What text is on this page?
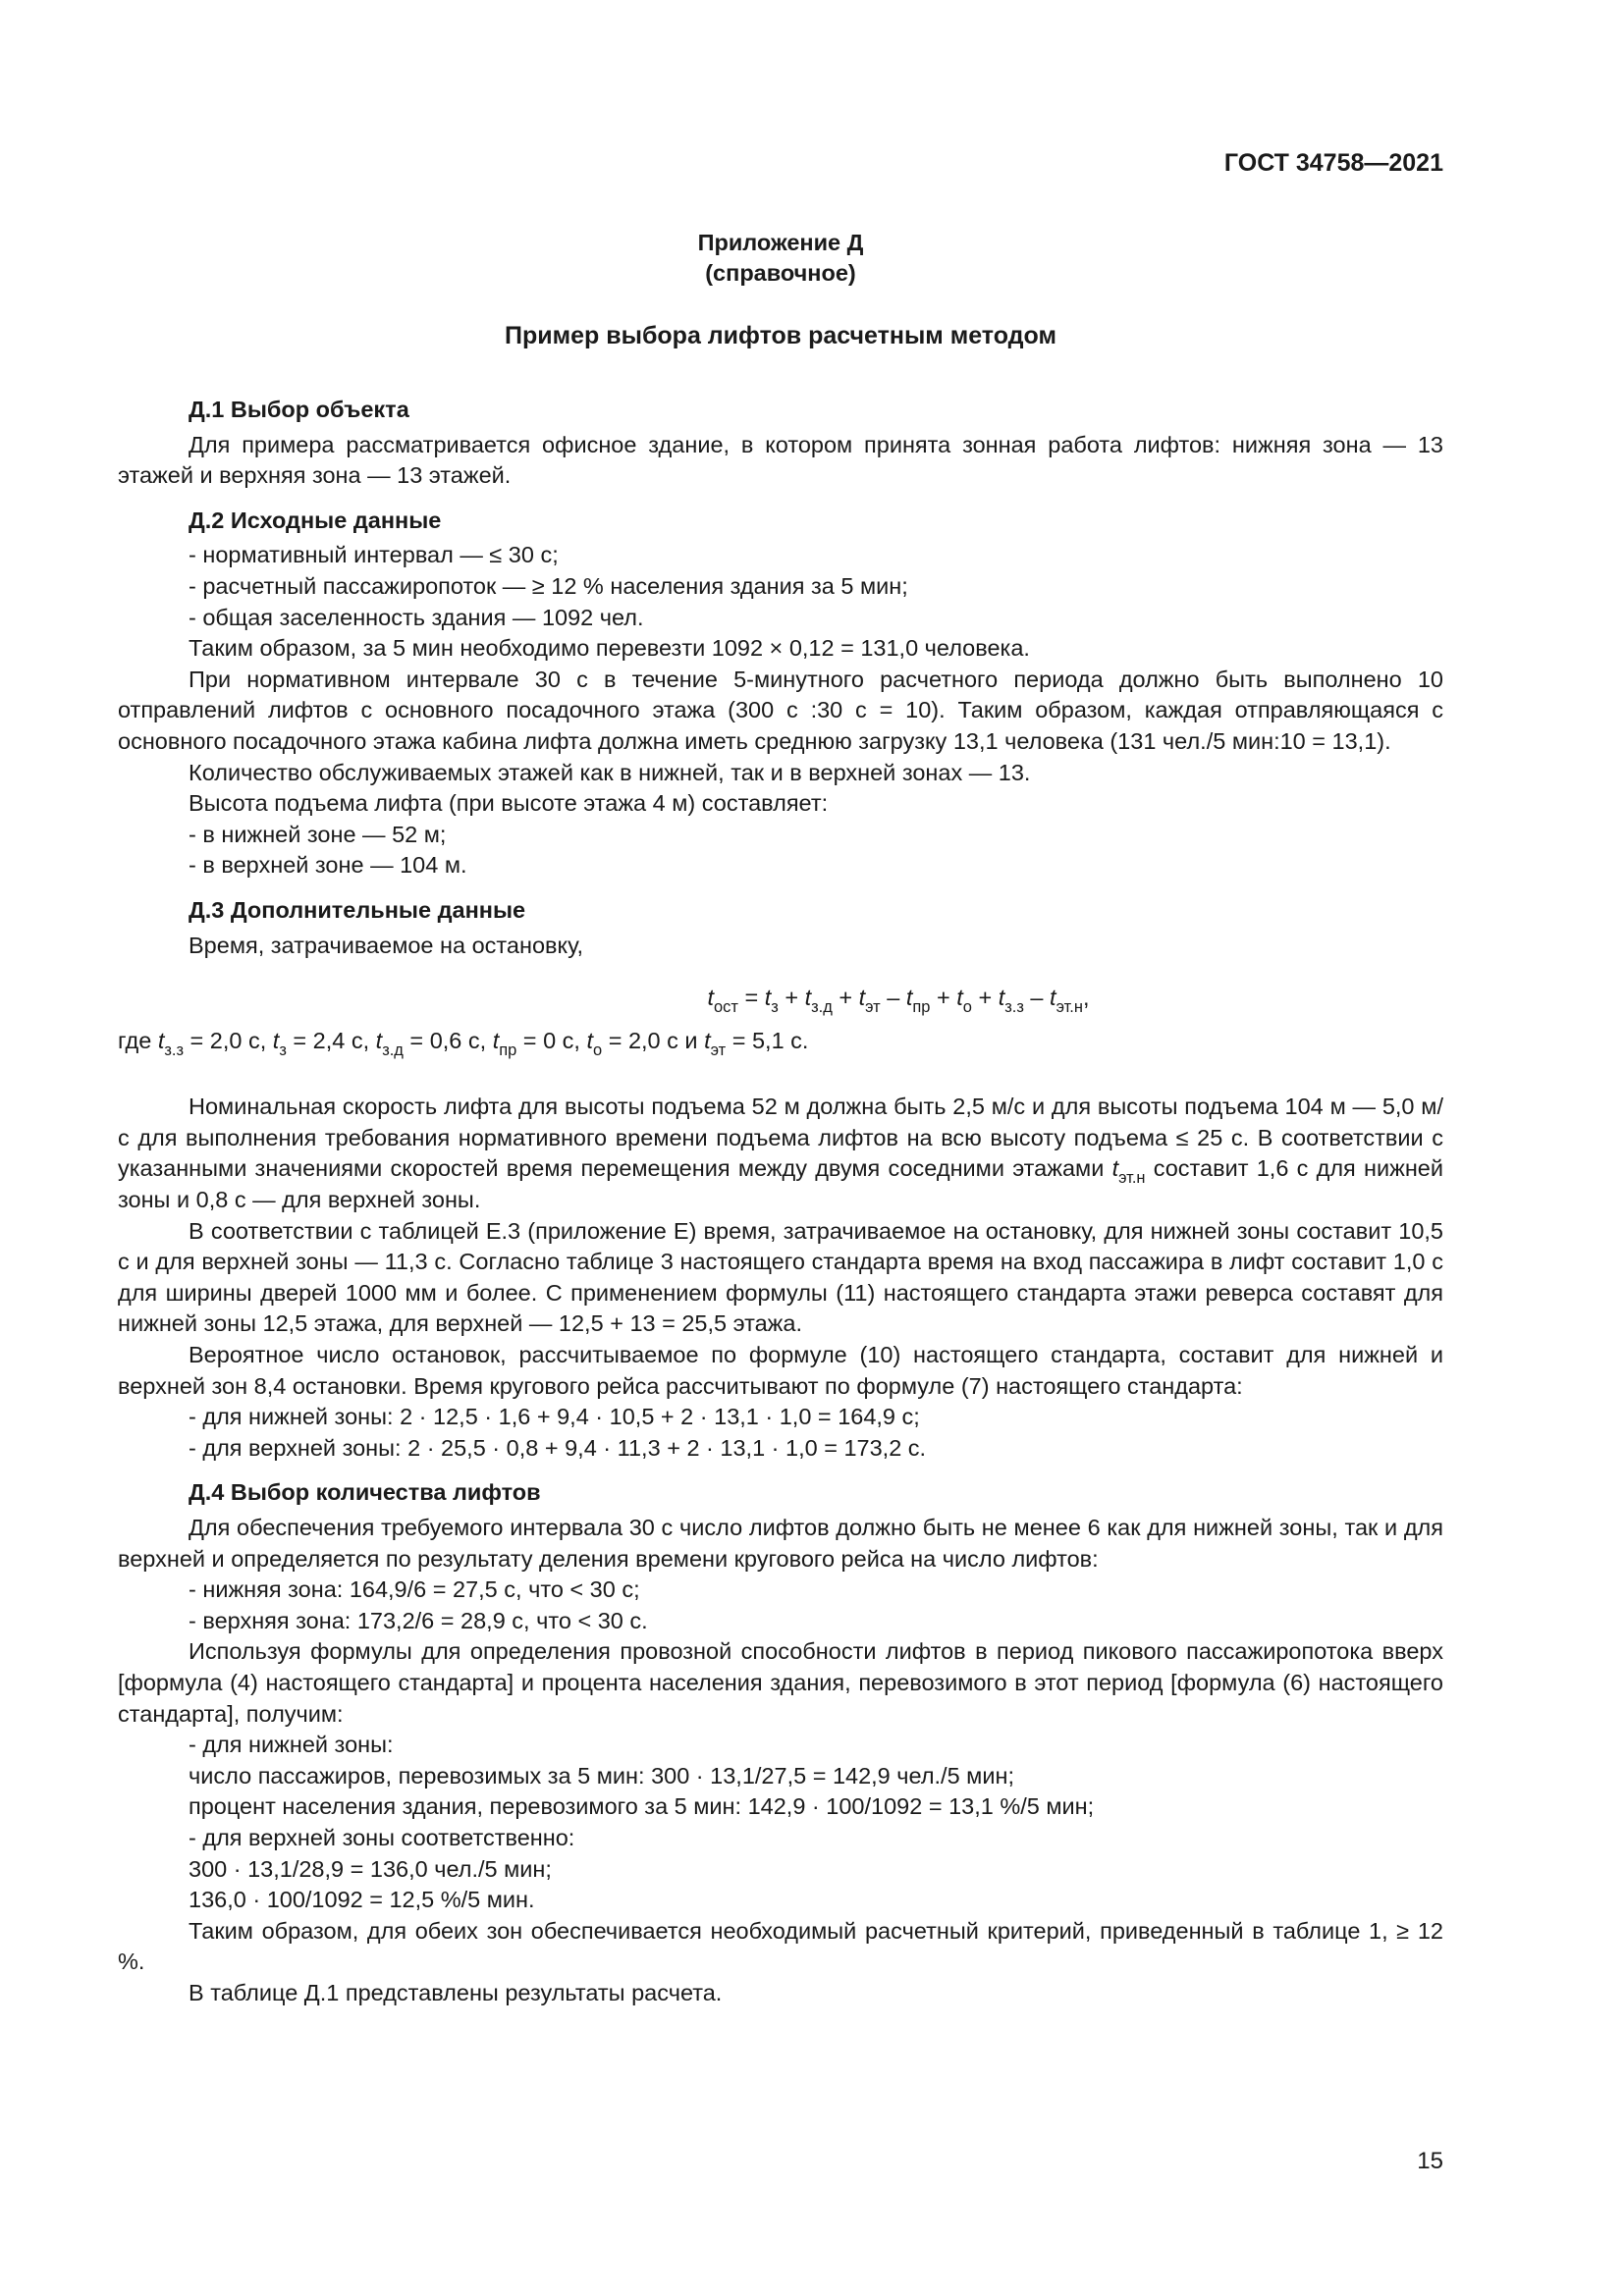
ГОСТ 34758—2021
Приложение Д
(справочное)
Пример выбора лифтов расчетным методом

Д.1 Выбор объекта

Для примера рассматривается офисное здание, в котором принята зонная работа лифтов: нижняя зона — 13 этажей и верхняя зона — 13 этажей.

Д.2 Исходные данные

- нормативный интервал — ≤ 30 с;

- расчетный пассажиропоток — ≥ 12 % населения здания за 5 мин;

- общая заселенность здания — 1092 чел.

Таким образом, за 5 мин необходимо перевезти 1092 × 0,12 = 131,0 человека.

При нормативном интервале 30 с в течение 5-минутного расчетного периода должно быть выполнено 10 отправлений лифтов с основного посадочного этажа (300 с :30 с = 10). Таким образом, каждая отправляющаяся с основного посадочного этажа кабина лифта должна иметь среднюю загрузку 13,1 человека (131 чел./5 мин:10 = 13,1).

Количество обслуживаемых этажей как в нижней, так и в верхней зонах — 13.

Высота подъема лифта (при высоте этажа 4 м) составляет:

- в нижней зоне — 52 м;

- в верхней зоне — 104 м.

Д.3 Дополнительные данные

Время, затрачиваемое на остановку,

$t_{ост} = t_з + t_{з.д} + t_{эт} - t_{пр} + t_о + t_{з.з} - t_{эт.н}$,

где $t_{з.з} = 2,0$ с, $t_з = 2,4$ с, $t_{з.д} = 0,6$ с, $t_{пр} = 0$ с, $t_о = 2,0$ с и $t_{эт} = 5,1$ с.

Номинальная скорость лифта для высоты подъема 52 м должна быть 2,5 м/с и для высоты подъема 104 м — 5,0 м/с для выполнения требования нормативного времени подъема лифтов на всю высоту подъема ≤ 25 с. В соответствии с указанными значениями скоростей время перемещения между двумя соседними этажами $t_{эт.н}$ составит 1,6 с для нижней зоны и 0,8 с — для верхней зоны.

В соответствии с таблицей Е.3 (приложение Е) время, затрачиваемое на остановку, для нижней зоны составит 10,5 с и для верхней зоны — 11,3 с. Согласно таблице 3 настоящего стандарта время на вход пассажира в лифт составит 1,0 с для ширины дверей 1000 мм и более. С применением формулы (11) настоящего стандарта этажи реверса составят для нижней зоны 12,5 этажа, для верхней — 12,5 + 13 = 25,5 этажа.

Вероятное число остановок, рассчитываемое по формуле (10) настоящего стандарта, составит для нижней и верхней зон 8,4 остановки. Время кругового рейса рассчитывают по формуле (7) настоящего стандарта:

- для нижней зоны: 2 · 12,5 · 1,6 + 9,4 · 10,5 + 2 · 13,1 · 1,0 = 164,9 с;

- для верхней зоны: 2 · 25,5 · 0,8 + 9,4 · 11,3 + 2 · 13,1 · 1,0 = 173,2 с.

Д.4 Выбор количества лифтов

Для обеспечения требуемого интервала 30 с число лифтов должно быть не менее 6 как для нижней зоны, так и для верхней и определяется по результату деления времени кругового рейса на число лифтов:

- нижняя зона: 164,9/6 = 27,5 с, что < 30 с;

- верхняя зона: 173,2/6 = 28,9 с, что < 30 с.

Используя формулы для определения провозной способности лифтов в период пикового пассажиропотока вверх [формула (4) настоящего стандарта] и процента населения здания, перевозимого в этот период [формула (6) настоящего стандарта], получим:

- для нижней зоны:

число пассажиров, перевозимых за 5 мин: 300 · 13,1/27,5 = 142,9 чел./5 мин;

процент населения здания, перевозимого за 5 мин: 142,9 · 100/1092 = 13,1 %/5 мин;

- для верхней зоны соответственно:

300 · 13,1/28,9 = 136,0 чел./5 мин;

136,0 · 100/1092 = 12,5 %/5 мин.

Таким образом, для обеих зон обеспечивается необходимый расчетный критерий, приведенный в таблице 1, ≥ 12 %.

В таблице Д.1 представлены результаты расчета.

15
